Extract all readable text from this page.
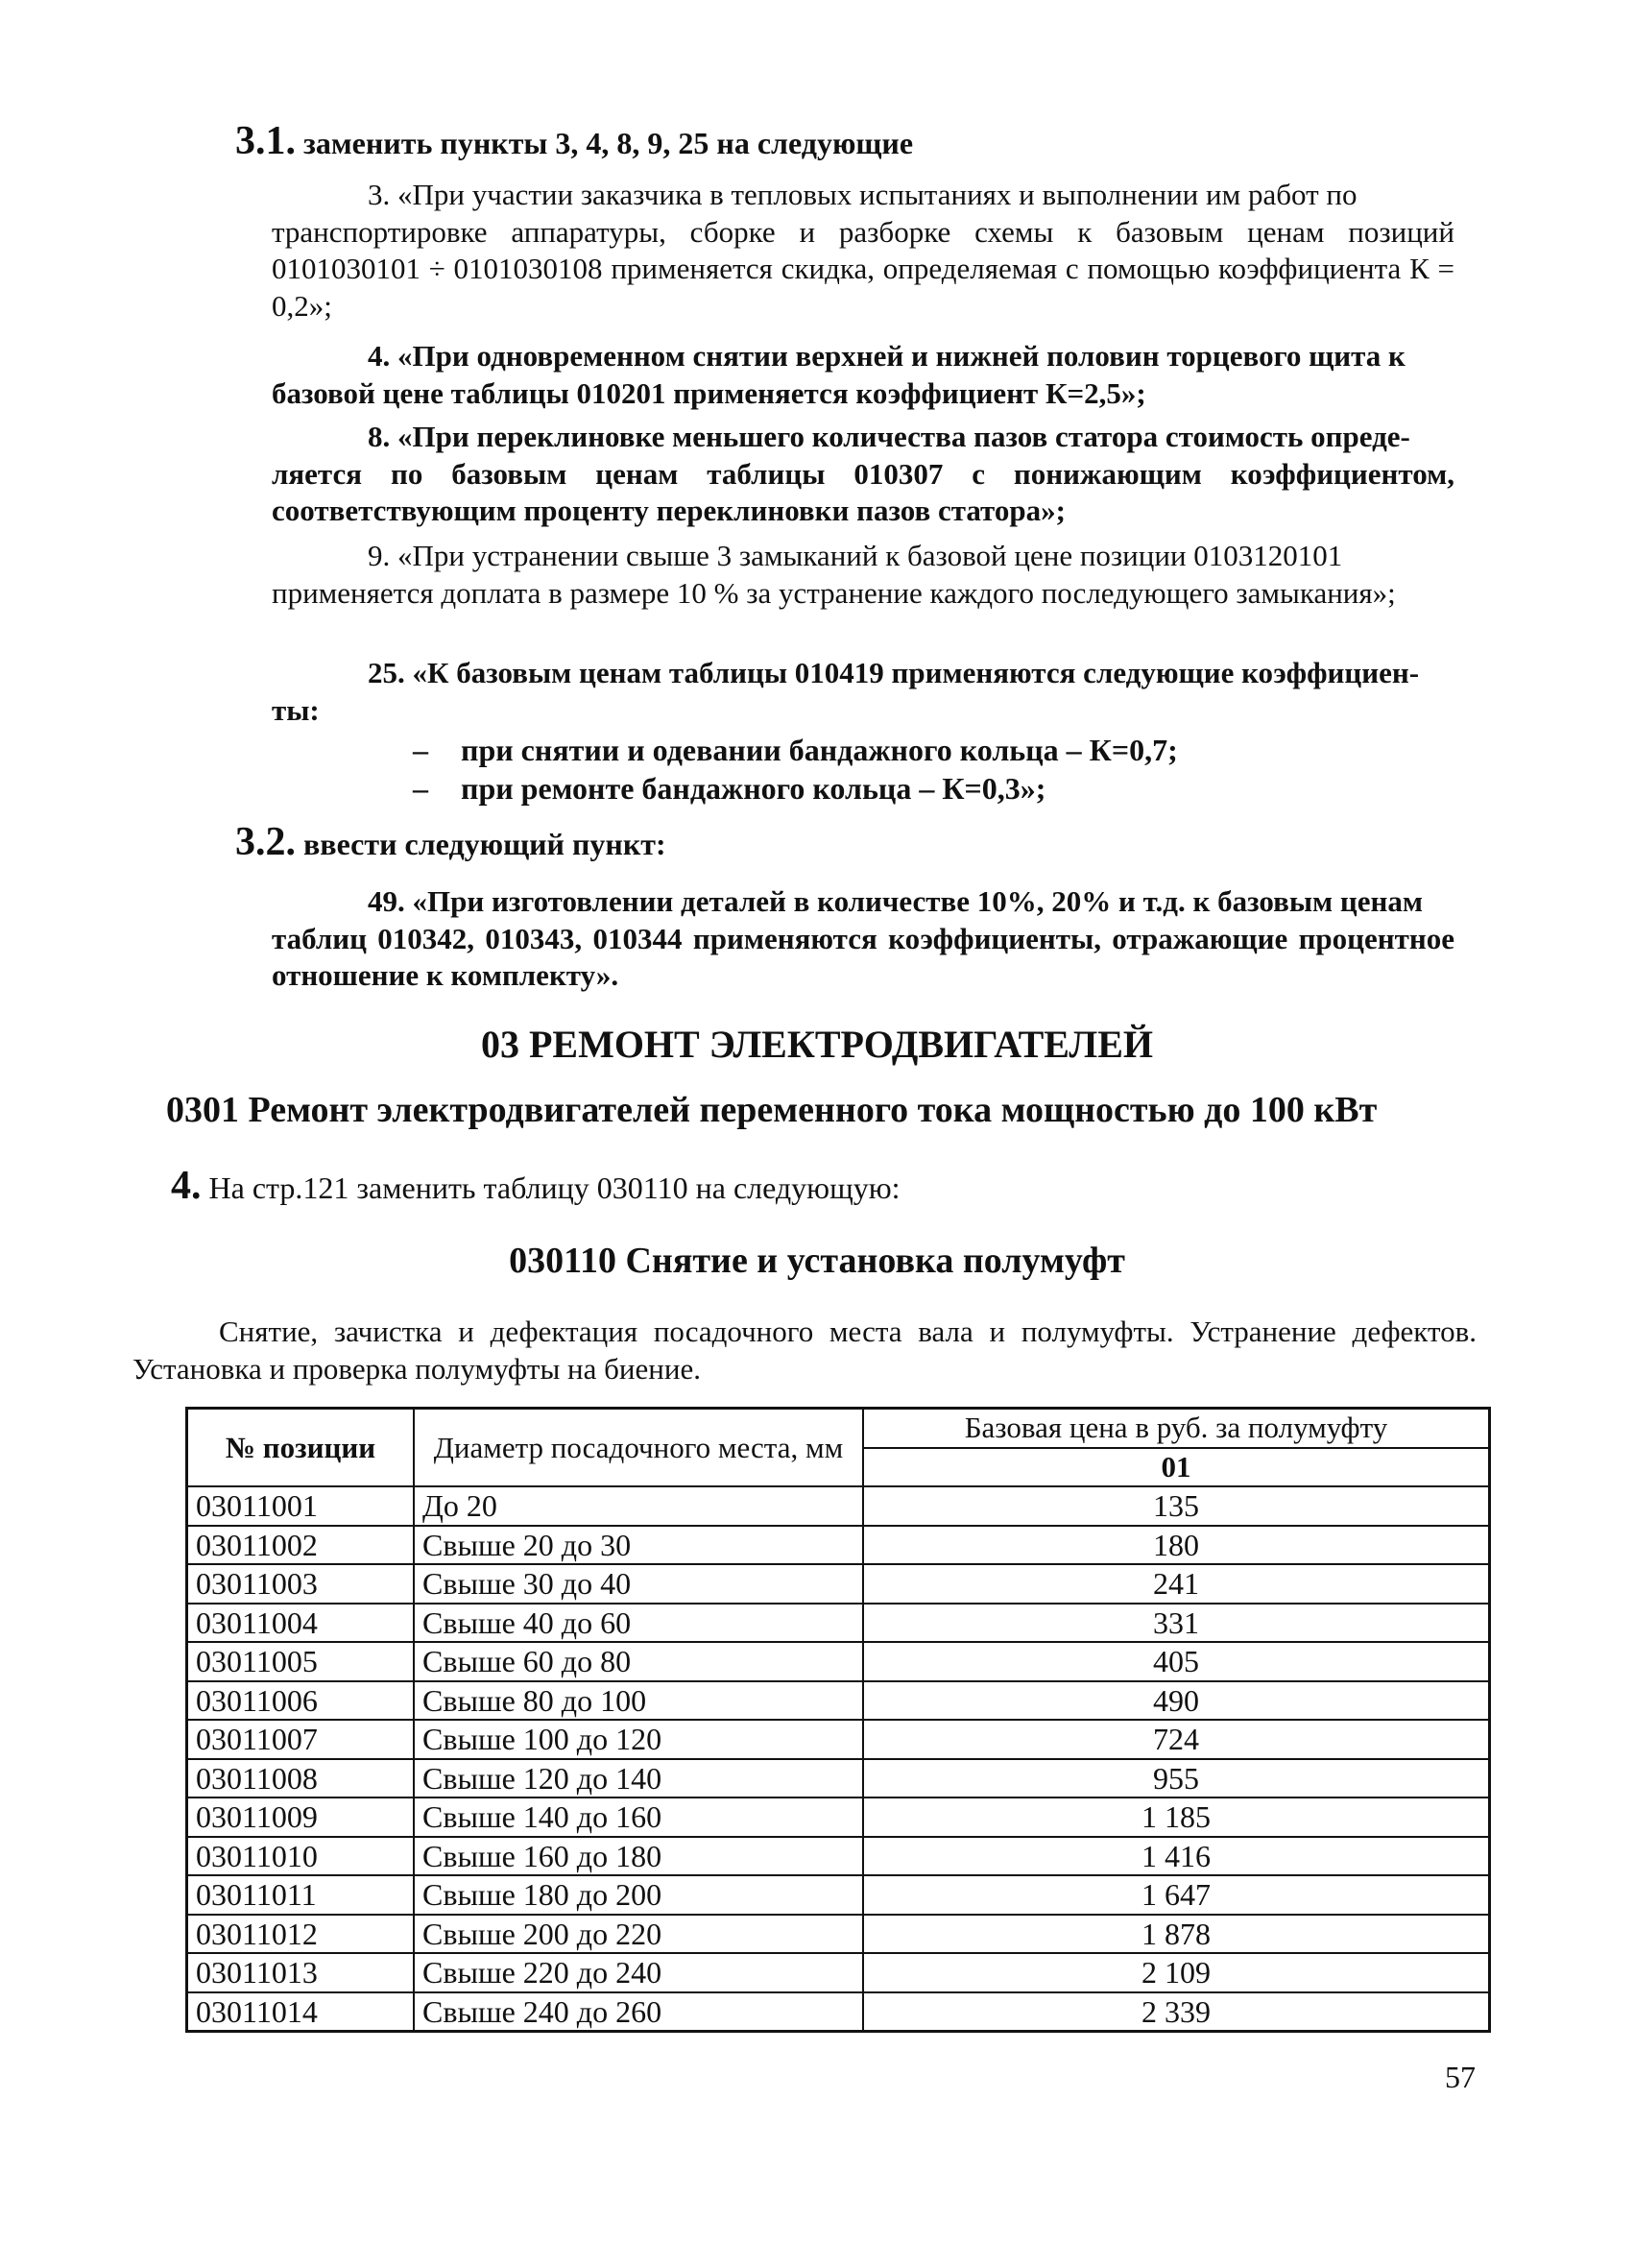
3.1. заменить пункты 3, 4, 8, 9, 25 на следующие
3. «При участии заказчика в тепловых испытаниях и выполнении им работ по
транспортировке аппаратуры, сборке и разборке схемы к базовым ценам позиций 0101030101 ÷ 0101030108 применяется скидка, определяемая с помощью коэффициента К = 0,2»;
4. «При одновременном снятии верхней и нижней половин торцевого щита к
базовой цене таблицы 010201 применяется коэффициент К=2,5»;
8. «При переклиновке меньшего количества пазов статора стоимость опреде-
ляется по базовым ценам таблицы 010307 с понижающим коэффициентом, соответствующим проценту переклиновки пазов статора»;
9. «При устранении свыше 3 замыканий к базовой цене позиции 0103120101
применяется доплата в размере 10 % за устранение каждого последующего замыкания»;
25. «К базовым ценам таблицы 010419 применяются следующие коэффициен-
ты:
– при снятии и одевании бандажного кольца – К=0,7;
– при ремонте бандажного кольца – К=0,3»;
3.2. ввести следующий пункт:
49. «При изготовлении деталей в количестве 10%, 20% и т.д. к базовым ценам
таблиц 010342, 010343, 010344 применяются коэффициенты, отражающие процентное отношение к комплекту».
03 РЕМОНТ ЭЛЕКТРОДВИГАТЕЛЕЙ
0301 Ремонт электродвигателей переменного тока мощностью до 100 кВт
4. На стр.121 заменить таблицу 030110 на следующую:
030110 Снятие и установка полумуфт
Снятие, зачистка и дефектация посадочного места вала и полумуфты. Устранение дефектов. Установка и проверка полумуфты на биение.
№ позиции	Диаметр посадочного места, мм	Базовая цена в руб. за полумуфту
		01
03011001	До 20	135
03011002	Свыше 20 до 30	180
03011003	Свыше 30 до 40	241
03011004	Свыше 40 до 60	331
03011005	Свыше 60 до 80	405
03011006	Свыше 80 до 100	490
03011007	Свыше 100 до 120	724
03011008	Свыше 120 до 140	955
03011009	Свыше 140 до 160	1 185
03011010	Свыше 160 до 180	1 416
03011011	Свыше 180 до 200	1 647
03011012	Свыше 200 до 220	1 878
03011013	Свыше 220 до 240	2 109
03011014	Свыше 240 до 260	2 339
57
